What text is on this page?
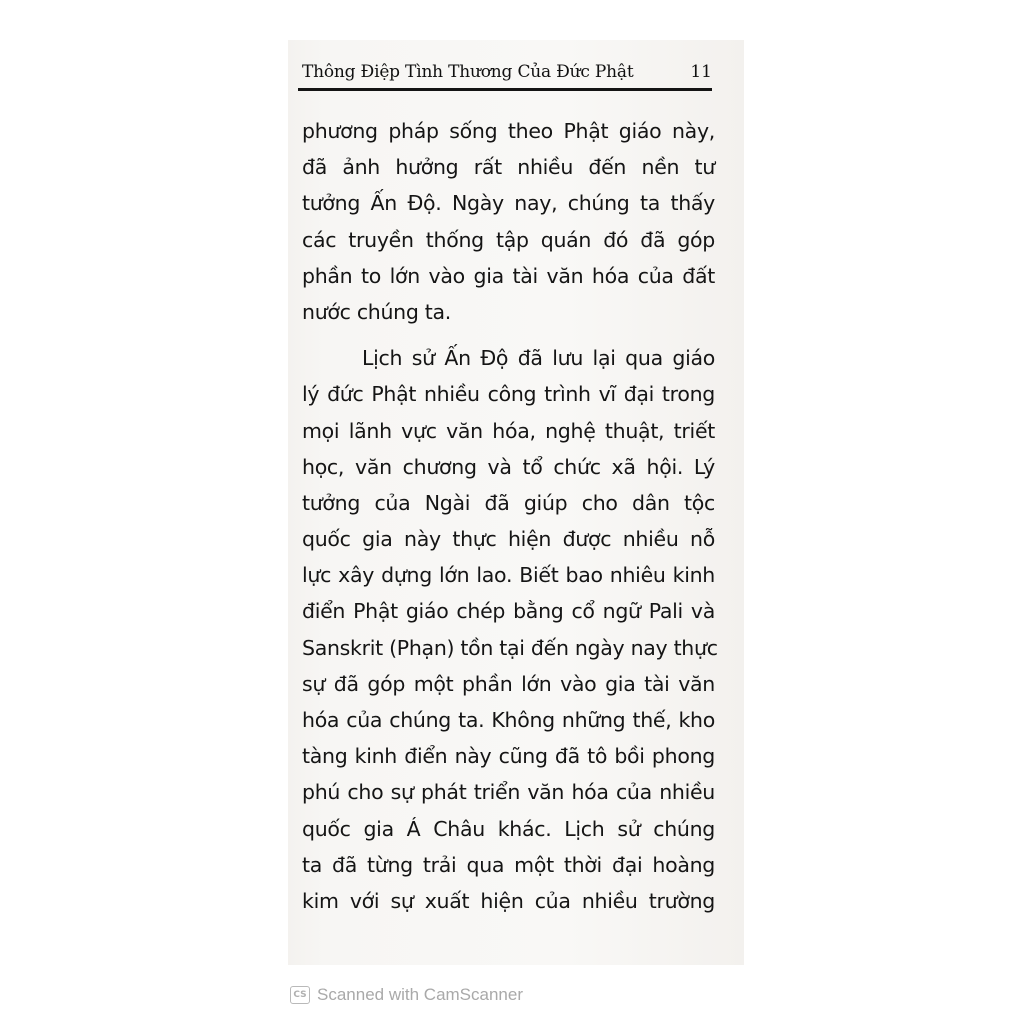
Thông Điệp Tình Thương Của Đức Phật	11
phương pháp sống theo Phật giáo này,
đã ảnh hưởng rất nhiều đến nền tư
tưởng Ấn Độ. Ngày nay, chúng ta thấy
các truyền thống tập quán đó đã góp
phần to lớn vào gia tài văn hóa của đất
nước chúng ta.
Lịch sử Ấn Độ đã lưu lại qua giáo
lý đức Phật nhiều công trình vĩ đại trong
mọi lãnh vực văn hóa, nghệ thuật, triết
học, văn chương và tổ chức xã hội. Lý
tưởng của Ngài đã giúp cho dân tộc
quốc gia này thực hiện được nhiều nỗ
lực xây dựng lớn lao. Biết bao nhiêu kinh
điển Phật giáo chép bằng cổ ngữ Pali và
Sanskrit (Phạn) tồn tại đến ngày nay thực
sự đã góp một phần lớn vào gia tài văn
hóa của chúng ta. Không những thế, kho
tàng kinh điển này cũng đã tô bồi phong
phú cho sự phát triển văn hóa của nhiều
quốc gia Á Châu khác. Lịch sử chúng
ta đã từng trải qua một thời đại hoàng
kim với sự xuất hiện của nhiều trường
CS Scanned with CamScanner
